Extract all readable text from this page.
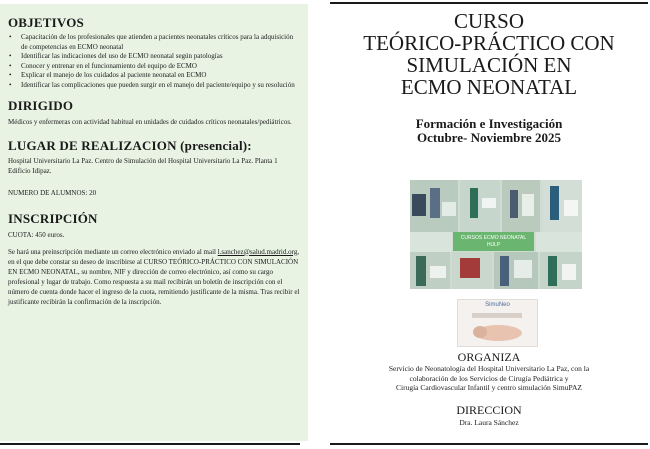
OBJETIVOS
• Capacitación de los profesionales que atienden a pacientes neonatales críticos para la adquisición de competencias en ECMO neonatal
• Identificar las indicaciones del uso de ECMO neonatal según patologías
• Conocer y entrenar en el funcionamiento del equipo de ECMO
• Explicar el manejo de los cuidados al paciente neonatal en ECMO
• Identificar las complicaciones que pueden surgir en el manejo del paciente/equipo y su resolución
DIRIGIDO

Médicos y enfermeras con actividad habitual en unidades de cuidados críticos neonatales/pediátricos.

LUGAR DE REALIZACION (presencial):

Hospital Universitario La Paz. Centro de Simulación del Hospital Universitario La Paz. Planta 1 Edificio Idipaz.

NUMERO DE ALUMNOS: 20

INSCRIPCIÓN

CUOTA: 450 euros.

Se hará una preinscripción mediante un correo electrónico enviado al mail l.sanchez@salud.madrid.org, en el que debe constar su deseo de inscribirse al CURSO TEÓRICO-PRÁCTICO CON SIMULACIÓN EN ECMO NEONATAL, su nombre, NIF y dirección de correo electrónico, así como su cargo profesional y lugar de trabajo. Como respuesta a su mail recibirán un boletín de inscripción con el número de cuenta donde hacer el ingreso de la cuota, remitiendo justificante de la misma. Tras recibir el justificante recibirán la confirmación de la inscripción.

CURSO
TEÓRICO-PRÁCTICO CON
SIMULACIÓN EN
ECMO NEONATAL
Formación e Investigación
Octubre- Noviembre 2025
CURSOS ECMO NEONATAL
HULP
SimuNeo
ORGANIZA
Servicio de Neonatología del Hospital Universitario La Paz, con la
colaboración de los Servicios de Cirugía Pediátrica y
Cirugía Cardiovascular Infantil y centro simulación SimuPAZ
DIRECCION
Dra. Laura Sánchez
